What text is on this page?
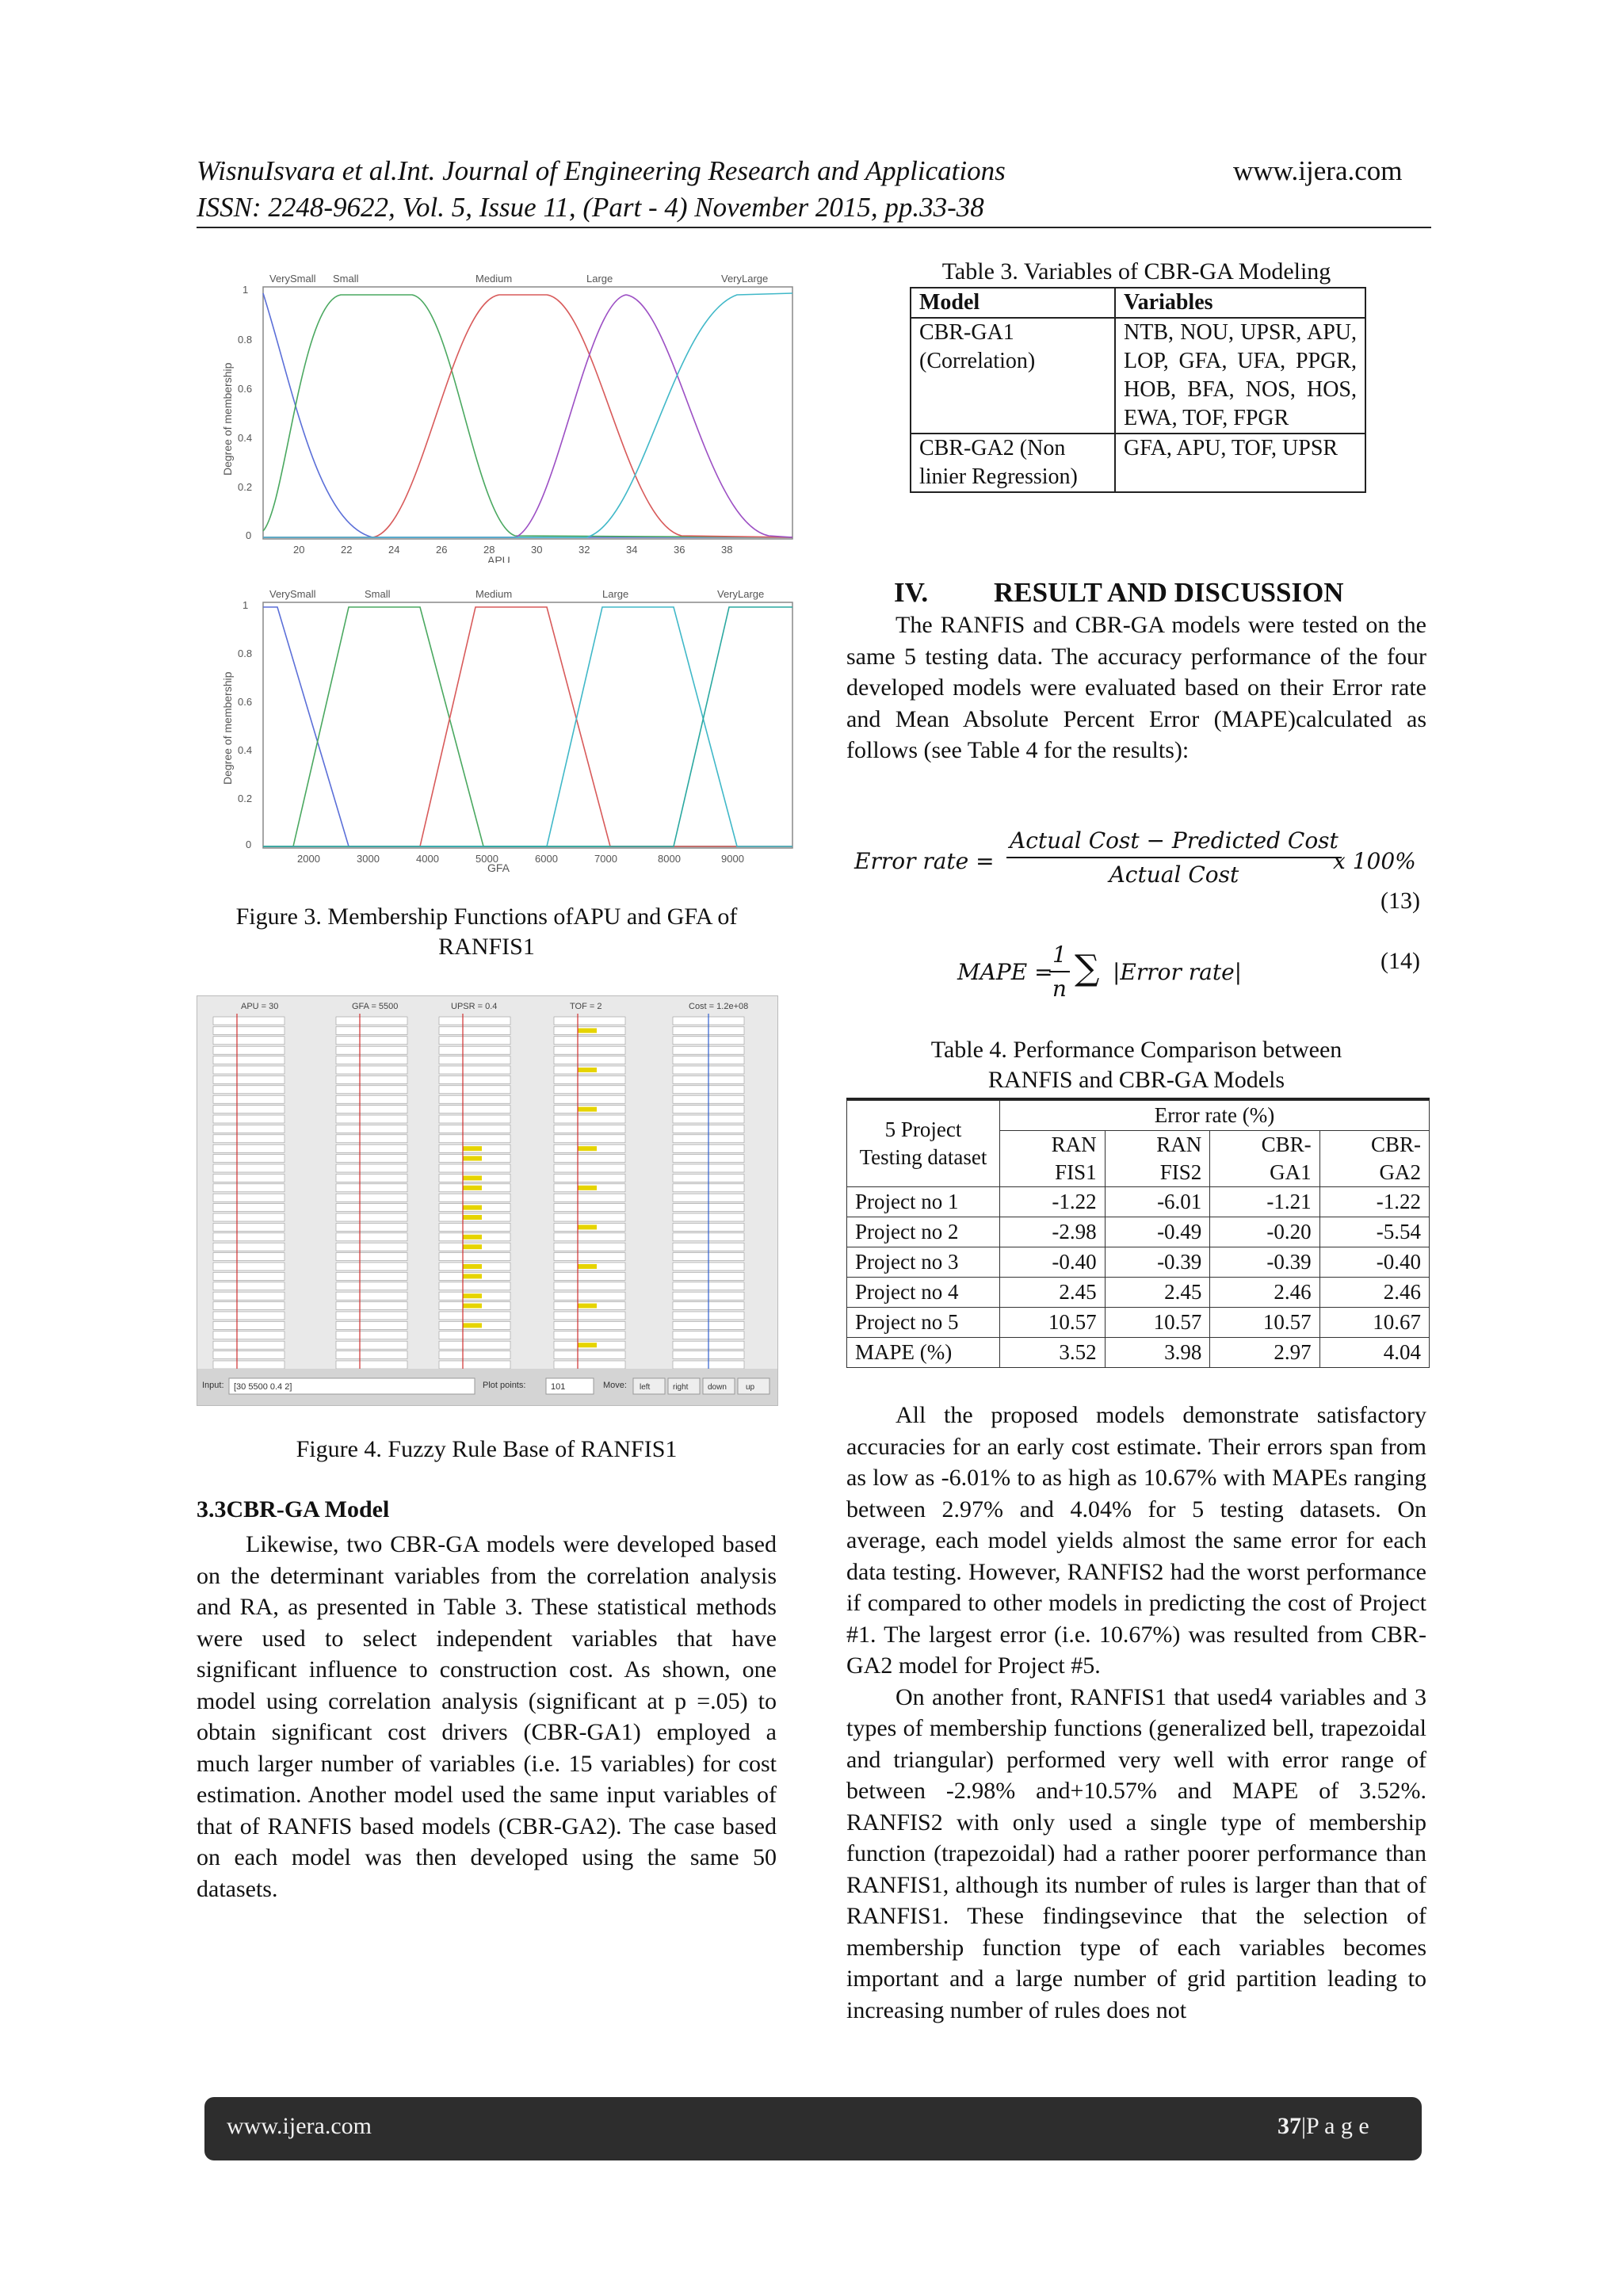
WisnuIsvara et al.Int. Journal of Engineering Research and Applications
ISSN: 2248-9622, Vol. 5, Issue 11, (Part - 4) November 2015, pp.33-38
www.ijera.com
1
0.8
0.6
0.4
0.2
0
Degree of membership
20	22	24	26	28	30	32	34	36	38
APU
VerySmall Small	Medium	Large	VeryLarge
1
0.8
0.6
0.4
0.2
0
Degree of membership
2000	3000	4000	5000	6000	7000	8000	9000
GFA
VerySmall	Small	Medium	Large	VeryLarge
Figure 3. Membership Functions ofAPU and GFA of
RANFIS1
APU = 30	GFA = 5500	UPSR = 0.4	TOF = 2	Cost = 1.2e+08
Input: [30 5500 0.4 2]	Plot points:	101	Move: left	right down up
Figure 4. Fuzzy Rule Base of RANFIS1
3.3CBR-GA Model

Likewise, two CBR-GA models were developed based on the determinant variables from the correlation analysis and RA, as presented in Table 3. These statistical methods were used to select independent variables that have significant influence to construction cost. As shown, one model using correlation analysis (significant at p =.05) to obtain significant cost drivers (CBR-GA1) employed a much larger number of variables (i.e. 15 variables) for cost estimation. Another model used the same input variables of that of RANFIS based models (CBR-GA2). The case based on each model was then developed using the same 50 datasets.

Table 3. Variables of CBR-GA Modeling
Model	Variables
CBR-GA1 (Correlation)	NTB, NOU, UPSR, APU, LOP, GFA, UFA, PPGR, HOB, BFA, NOS, HOS, EWA, TOF, FPGR
CBR-GA2 (Non linier Regression)	GFA, APU, TOF, UPSR
IV. RESULT AND DISCUSSION

The RANFIS and CBR-GA models were tested on the same 5 testing data. The accuracy performance of the four developed models were evaluated based on their Error rate and Mean Absolute Percent Error (MAPE)calculated as follows (see Table 4 for the results):

Error rate =
Actual Cost − Predicted Cost
Actual Cost
x 100%
(13)
MAPE =
$\frac{1}{n}$ ∑ |Error rate|	(14)
Table 4. Performance Comparison between
RANFIS and CBR-GA Models
5 Project Testing dataset	Error rate (%)			
	RAN FIS1	RAN FIS2	CBR- GA1	CBR- GA2
Project no 1	-1.22	-6.01	-1.21	-1.22
Project no 2	-2.98	-0.49	-0.20	-5.54
Project no 3	-0.40	-0.39	-0.39	-0.40
Project no 4	2.45	2.45	2.46	2.46
Project no 5	10.57	10.57	10.57	10.67
MAPE (%)	3.52	3.98	2.97	4.04

All the proposed models demonstrate satisfactory accuracies for an early cost estimate. Their errors span from as low as -6.01% to as high as 10.67% with MAPEs ranging between 2.97% and 4.04% for 5 testing datasets. On average, each model yields almost the same error for each data testing. However, RANFIS2 had the worst performance if compared to other models in predicting the cost of Project #1. The largest error (i.e. 10.67%) was resulted from CBR-GA2 model for Project #5.

On another front, RANFIS1 that used4 variables and 3 types of membership functions (generalized bell, trapezoidal and triangular) performed very well with error range of between -2.98% and+10.57% and MAPE of 3.52%. RANFIS2 with only used a single type of membership function (trapezoidal) had a rather poorer performance than RANFIS1, although its number of rules is larger than that of RANFIS1. These findingsevince that the selection of membership function type of each variables becomes important and a large number of grid partition leading to increasing number of rules does not

www.ijera.com	37|P a g e
